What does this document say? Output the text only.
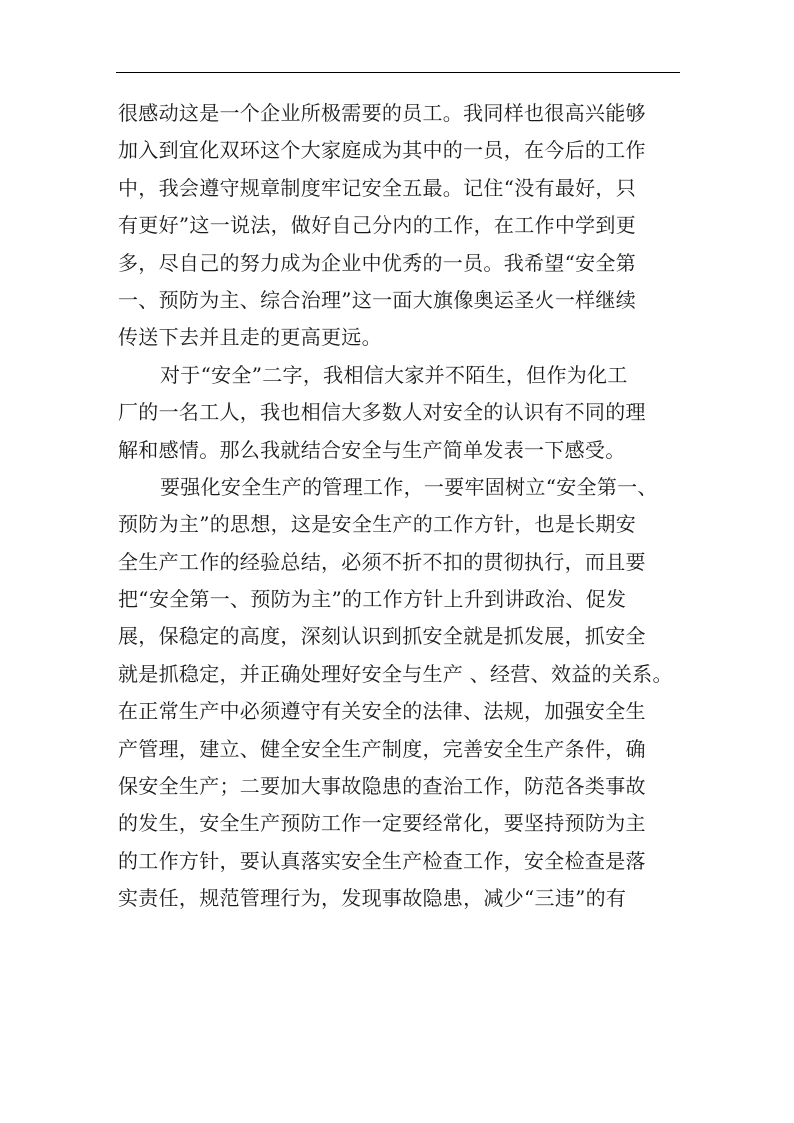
很感动这是一个企业所极需要的员工。我同样也很高兴能够
加入到宜化双环这个大家庭成为其中的一员，在今后的工作
中，我会遵守规章制度牢记安全五最。记住“没有最好，只
有更好”这一说法，做好自己分内的工作，在工作中学到更
多，尽自己的努力成为企业中优秀的一员。我希望“安全第
一、预防为主、综合治理”这一面大旗像奥运圣火一样继续
传送下去并且走的更高更远。
对于“安全”二字，我相信大家并不陌生，但作为化工
厂的一名工人，我也相信大多数人对安全的认识有不同的理
解和感情。那么我就结合安全与生产简单发表一下感受。
要强化安全生产的管理工作，一要牢固树立“安全第一、
预防为主”的思想，这是安全生产的工作方针，也是长期安
全生产工作的经验总结，必须不折不扣的贯彻执行，而且要
把“安全第一、预防为主”的工作方针上升到讲政治、促发
展，保稳定的高度，深刻认识到抓安全就是抓发展，抓安全
就是抓稳定，并正确处理好安全与生产 、经营、效益的关系。
在正常生产中必须遵守有关安全的法律、法规，加强安全生
产管理，建立、健全安全生产制度，完善安全生产条件，确
保安全生产；二要加大事故隐患的查治工作，防范各类事故
的发生，安全生产预防工作一定要经常化，要坚持预防为主
的工作方针，要认真落实安全生产检查工作，安全检查是落
实责任，规范管理行为，发现事故隐患，减少“三违”的有
